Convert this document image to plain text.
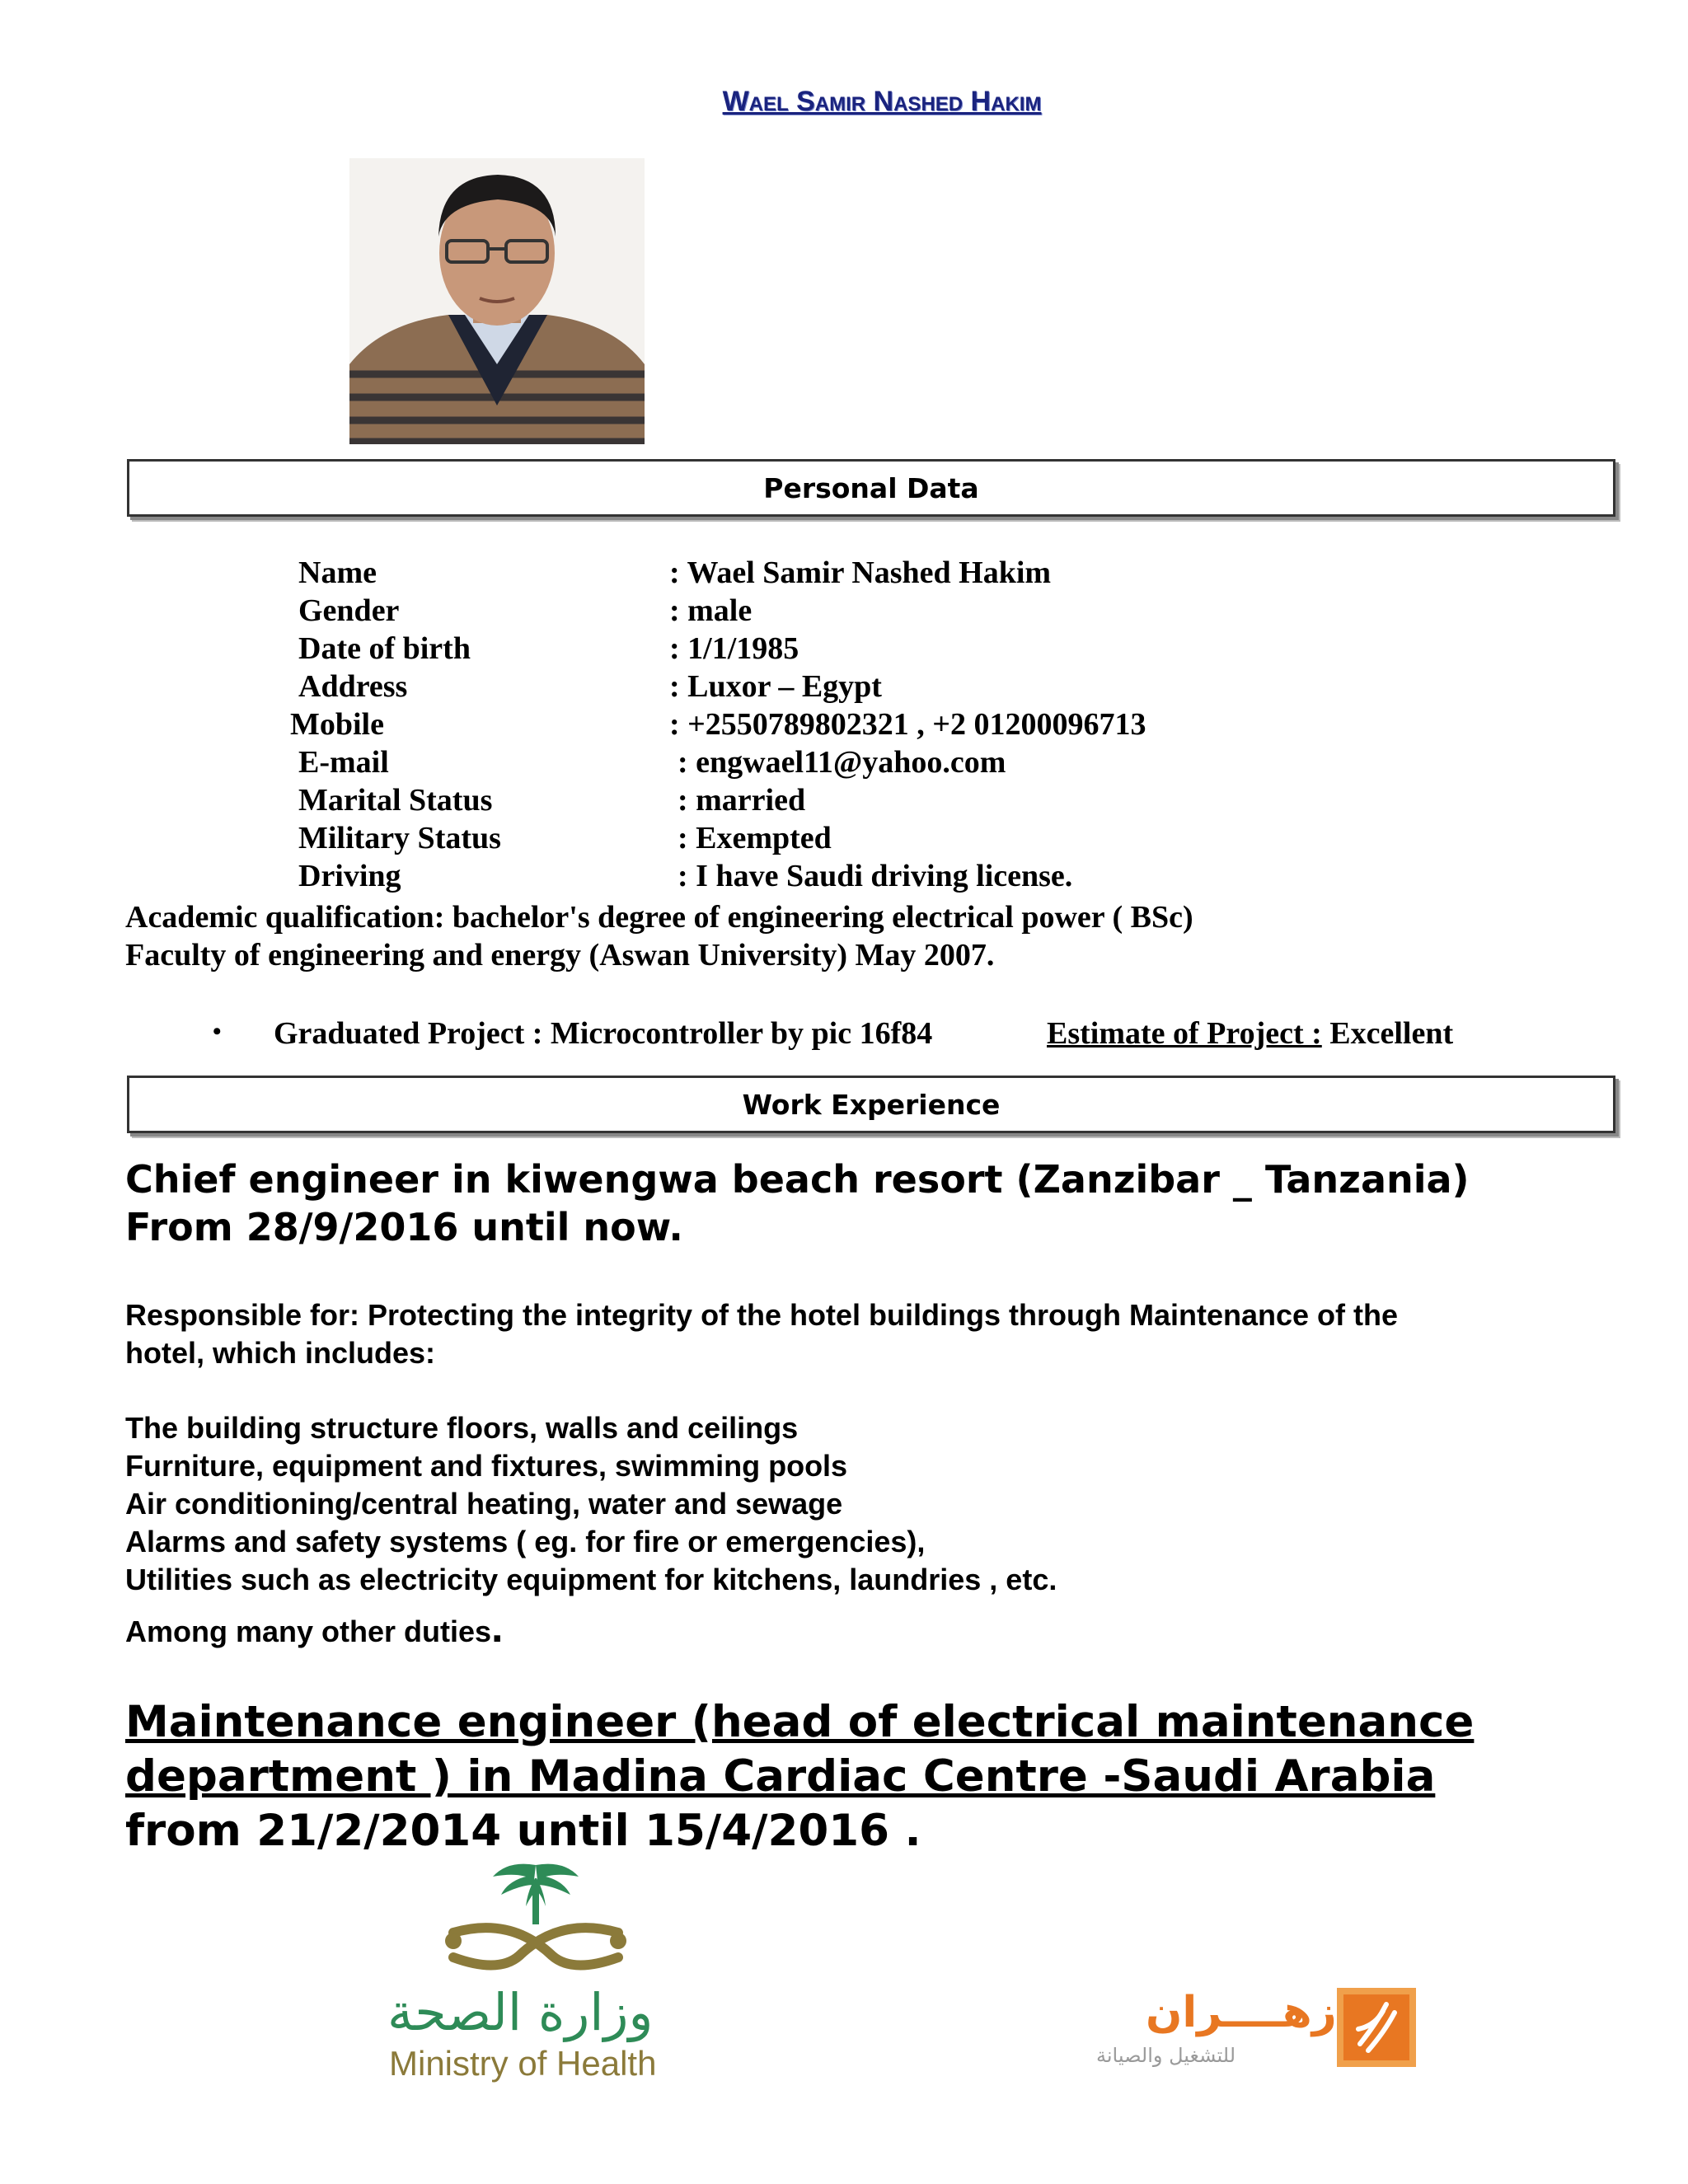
Wael Samir Nashed Hakim
Personal Data
Name	: Wael Samir Nashed Hakim
Gender	: male
Date of birth	: 1/1/1985
Address	: Luxor – Egypt
Mobile	: +2550789802321 , +2 01200096713
E-mail	: engwael11@yahoo.com
Marital Status	: married
Military Status	: Exempted
Driving	: I have Saudi driving license.
Academic qualification: bachelor's degree of engineering electrical power ( BSc)
Faculty of engineering and energy (Aswan University) May 2007.
• Graduated Project : Microcontroller by pic 16f84	Estimate of Project : Excellent
Work Experience
Chief engineer in kiwengwa beach resort (Zanzibar _ Tanzania)
From 28/9/2016 until now.
Responsible for: Protecting the integrity of the hotel buildings through Maintenance of the
hotel, which includes:
The building structure floors, walls and ceilings
Furniture, equipment and fixtures, swimming pools
Air conditioning/central heating, water and sewage
Alarms and safety systems ( eg. for fire or emergencies),
Utilities such as electricity equipment for kitchens, laundries , etc.
Among many other duties.
Maintenance engineer (head of electrical maintenance
department ) in Madina Cardiac Centre -Saudi Arabia
from 21/2/2014 until 15/4/2016 .
وزارة الصحة
Ministry of Health
زهــــران
للتشغيل والصيانة
